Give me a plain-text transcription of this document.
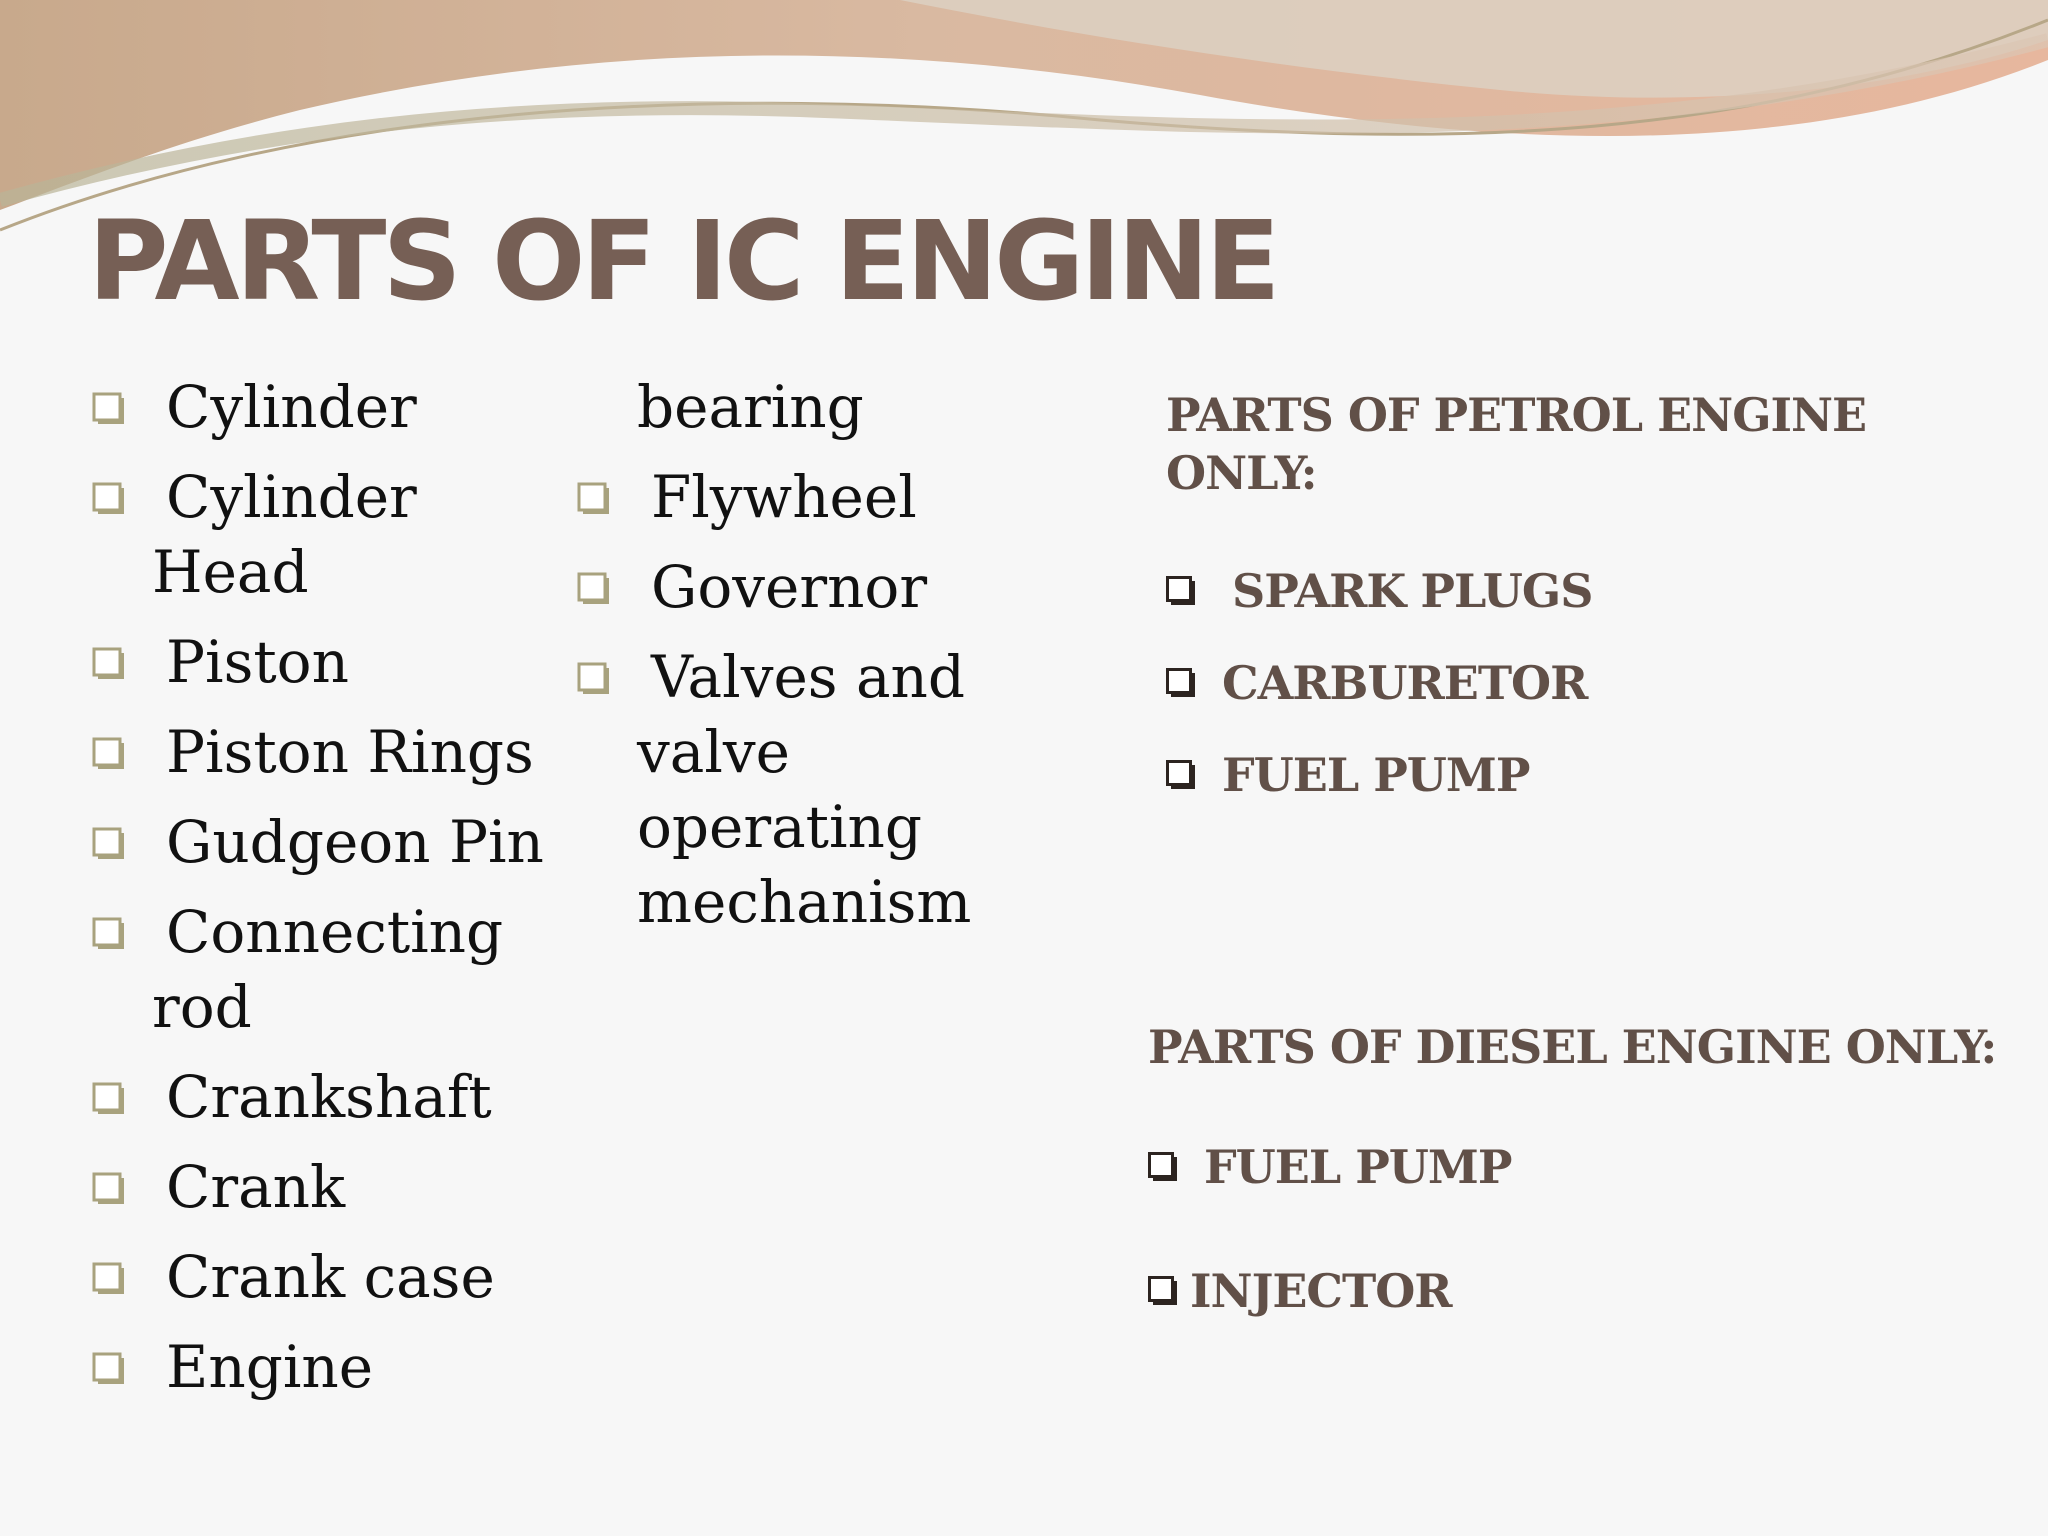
PARTS OF IC ENGINE
Cylinder
Cylinder Head
Piston
Piston Rings
Gudgeon Pin
Connecting rod
Crankshaft
Crank
Crank case
Engine
bearing
Flywheel
Governor
Valves and valve operating mechanism
PARTS OF PETROL ENGINE ONLY:
SPARK PLUGS
CARBURETOR
FUEL PUMP
PARTS OF DIESEL ENGINE ONLY:
FUEL PUMP
INJECTOR
